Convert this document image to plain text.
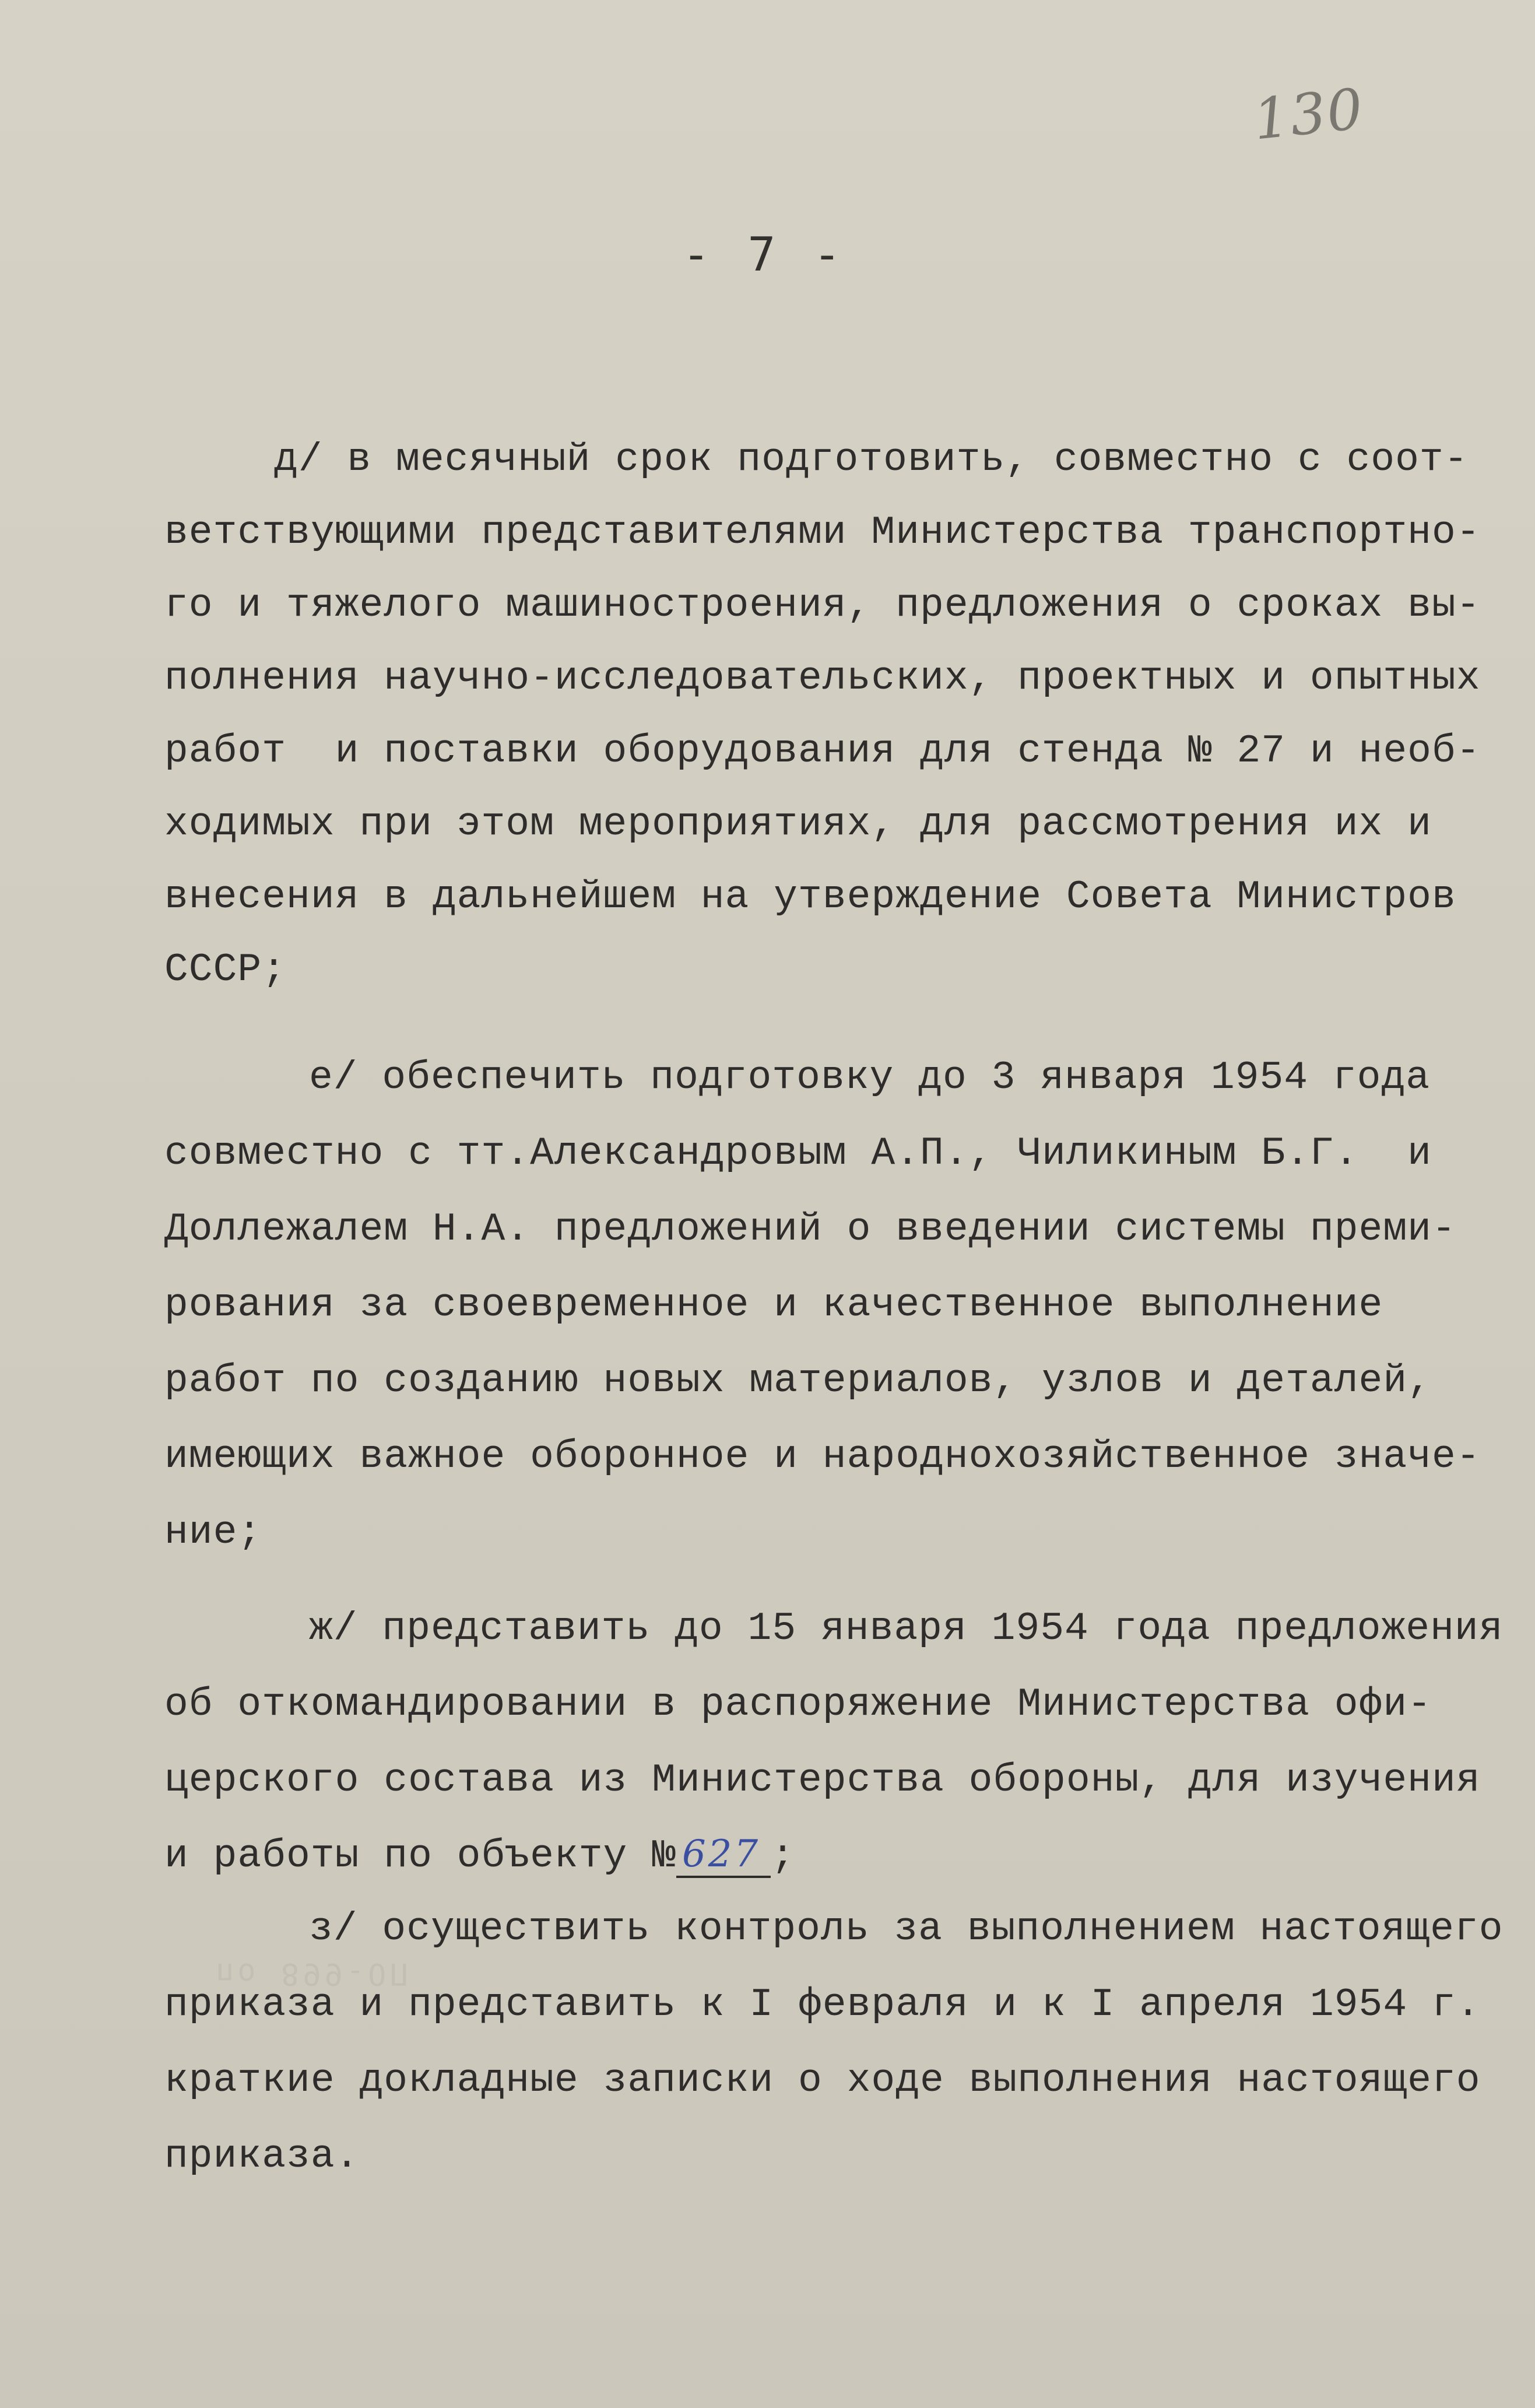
130
- 7 -
д/ в месячный срок подготовить, совместно с соот-
ветствующими представителями Министерства транспортно-
го и тяжелого машиностроения, предложения о сроках вы-
полнения научно-исследовательских, проектных и опытных
работ  и поставки оборудования для стенда № 27 и необ-
ходимых при этом мероприятиях, для рассмотрения их и
внесения в дальнейшем на утверждение Совета Министров
СССР;
е/ обеспечить подготовку до 3 января 1954 года
совместно с тт.Александровым А.П., Чиликиным Б.Г.  и
Доллежалем Н.А. предложений о введении системы преми-
рования за своевременное и качественное выполнение
работ по созданию новых материалов, узлов и деталей,
имеющих важное оборонное и народнохозяйственное значе-
ние;
ж/ представить до 15 января 1954 года предложения
об откомандировании в распоряжение Министерства офи-
церского состава из Министерства обороны, для изучения
и работы по объекту № 627 ;
по 899-ОП
з/ осуществить контроль за выполнением настоящего
приказа и представить к I февраля и к I апреля 1954 г.
краткие докладные записки о ходе выполнения настоящего
приказа.
